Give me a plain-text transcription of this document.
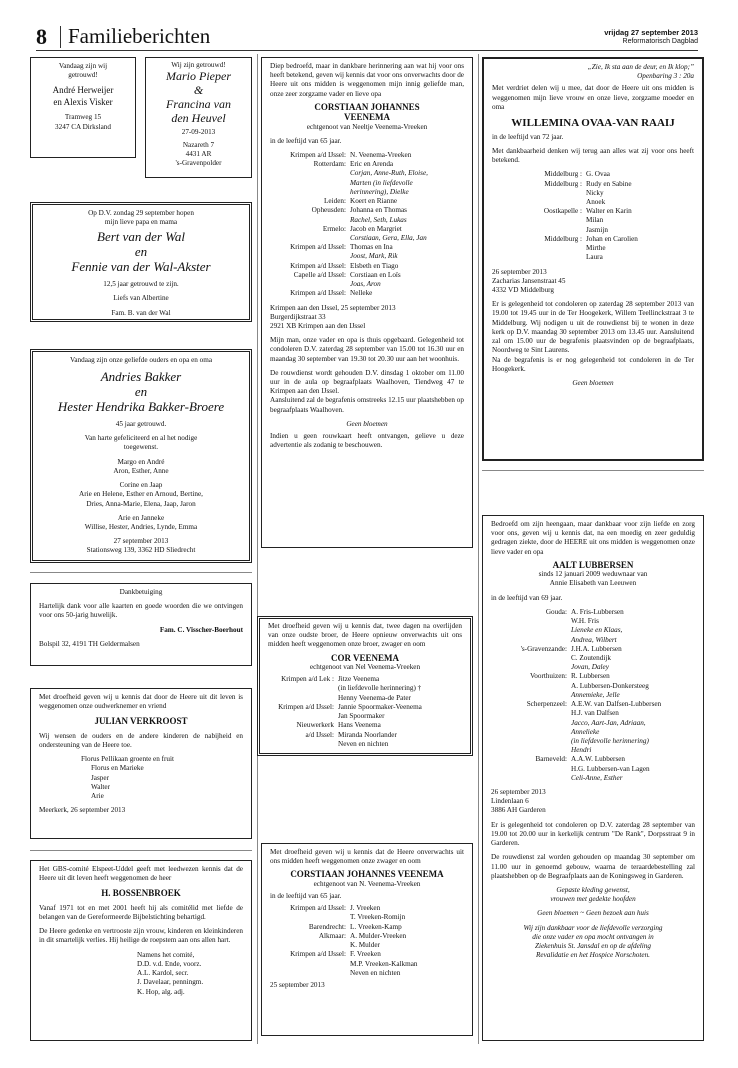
8 Familieberichten	vrijdag 27 september 2013
Reformatorisch Dagblad

Vandaag zijn wij

getrouwd!

André Herweijer

en Alexis Visker

Tramweg 15

3247 CA Dirksland

Wij zijn getrouwd!

Mario Pieper

&

Francina van

den Heuvel

27-09-2013

Nazareth 7

4431 AR

's-Gravenpolder

Op D.V. zondag 29 september hopen

mijn lieve papa en mama

Bert van der Wal

en

Fennie van der Wal-Akster

12,5 jaar getrouwd te zijn.

Liefs van Albertine

Fam. B. van der Wal

Verlengde Kerkweg 15, 8085 BL Doornspijk

Vandaag zijn onze geliefde ouders en opa en oma

Andries Bakker

en

Hester Hendrika Bakker-Broere

45 jaar getrouwd.

Van harte gefeliciteerd en al het nodige

toegewenst.

Margo en André

Aron, Esther, Anne

Corine en Jaap

Arie en Helene, Esther en Arnoud, Bertine,

Dries, Anna-Marie, Elena, Jaap, Jaron

Arie en Janneke

Willise, Hester, Andries, Lynde, Emma

27 september 2013

Stationsweg 139, 3362 HD Sliedrecht

Dankbetuiging

Hartelijk dank voor alle kaarten en goede woorden die we ontvingen voor ons 50-jarig huwelijk.

Fam. C. Visscher-Boerhout

Bolspil 32, 4191 TH Geldermalsen

Met droefheid geven wij u kennis dat door de Heere uit dit leven is weggenomen onze oudwerknemer en vriend

JULIAN VERKROOST

Wij wensen de ouders en de andere kinderen de nabijheid en ondersteuning van de Heere toe.

Florus Pellikaan groente en fruit

Florus en Marieke

Jasper

Walter

Arie

Meerkerk, 26 september 2013

Het GBS-comité Elspeet-Uddel geeft met leedwezen kennis dat de Heere uit dit leven heeft weggenomen de heer

H. BOSSENBROEK

Vanaf 1971 tot en met 2001 heeft hij als comitélid met liefde de belangen van de Gereformeerde Bijbelstichting behartigd.

De Heere gedenke en vertrooste zijn vrouw, kinderen en kleinkinderen in dit smartelijk verlies. Hij heilige de roepstem aan ons allen hart.

Namens het comité,

D.D. v.d. Ende, voorz.

A.L. Kardol, secr.

J. Davelaar, penningm.

K. Hop, alg. adj.

Diep bedroefd, maar in dankbare herinnering aan wat hij voor ons heeft betekend, geven wij kennis dat voor ons onverwachts door de Heere uit ons midden is weggenomen mijn innig geliefde man, onze zeer zorgzame vader en lieve opa

CORSTIAAN JOHANNES

VEENEMA

echtgenoot van Neeltje Veenema-Vreeken

in de leeftijd van 65 jaar.

Krimpen a/d IJssel: N. Veenema-Vreeken
Rotterdam: Eric en Arenda
Corjan, Anne-Ruth, Eloise,
Marten (in liefdevolle
herinnering), Dielke
Leiden: Koert en Rianne
Opheusden: Johanna en Thomas
Rachel, Seth, Lukas
Ermelo: Jacob en Margriet
Corstiaan, Gera, Ella, Jan
Krimpen a/d IJssel: Thomas en Ina
Joost, Mark, Rik
Krimpen a/d IJssel: Elsbeth en Tiago
Capelle a/d IJssel: Corstiaan en Loïs
Joas, Aron
Krimpen a/d IJssel: Nelleke

Krimpen aan den IJssel, 25 september 2013

Burgerdijkstraat 33

2921 XB Krimpen aan den IJssel

Mijn man, onze vader en opa is thuis opgebaard. Gelegenheid tot condoleren D.V. zaterdag 28 september van 15.00 tot 16.30 uur en maandag 30 september van 19.30 tot 20.30 uur aan het woonhuis.

De rouwdienst wordt gehouden D.V. dinsdag 1 oktober om 11.00 uur in de aula op begraafplaats Waalhoven, Tiendweg 47 te Krimpen aan den IJssel.

Aansluitend zal de begrafenis omstreeks 12.15 uur plaatshebben op begraafplaats Waalhoven.

Geen bloemen

Indien u geen rouwkaart heeft ontvangen, gelieve u deze advertentie als zodanig te beschouwen.

Met droefheid geven wij u kennis dat, twee dagen na overlijden van onze oudste broer, de Heere opnieuw onverwachts uit ons midden heeft weggenomen onze broer, zwager en oom

COR VEENEMA

echtgenoot van Nel Veenema-Vreeken

Krimpen a/d Lek : Jitze Veenema
(in liefdevolle herinnering) †
Henny Veenema-de Pater
Krimpen a/d IJssel: Jannie Spoormaker-Veenema
Jan Spoormaker
Nieuwerkerk
a/d IJssel:
Hans Veenema
Miranda Noorlander
Neven en nichten

Met droefheid geven wij u kennis dat de Heere onverwachts uit ons midden heeft weggenomen onze zwager en oom

CORSTIAAN JOHANNES VEENEMA

echtgenoot van N. Veenema-Vreeken

in de leeftijd van 65 jaar.

Krimpen a/d IJssel: J. Vreeken
T. Vreeken-Romijn
Barendrecht: L. Vreeken-Kamp
Alkmaar: A. Mulder-Vreeken
K. Mulder
Krimpen a/d IJssel: F. Vreeken
M.P. Vreeken-Kalkman
Neven en nichten

25 september 2013

„Zie, Ik sta aan de deur, en Ik klop;”

Openbaring 3 : 20a

Met verdriet delen wij u mee, dat door de Heere uit ons midden is weggenomen mijn lieve vrouw en onze lieve, zorgzame moeder en oma

WILLEMINA OVAA-VAN RAAIJ

in de leeftijd van 72 jaar.

Met dankbaarheid denken wij terug aan alles wat zij voor ons heeft betekend.

Middelburg : G. Ovaa
Middelburg : Rudy en Sabine
Nicky
Anoek
Oostkapelle : Walter en Karin
Milan
Jasmijn
Middelburg : Johan en Carolien
Mirthe
Laura

26 september 2013

Zacharias Jansenstraat 45

4332 VD Middelburg

Er is gelegenheid tot condoleren op zaterdag 28 september 2013 van 19.00 tot 19.45 uur in de Ter Hoogekerk, Willem Teellinckstraat 3 te Middelburg. Wij nodigen u uit de rouwdienst bij te wonen in deze kerk op D.V. maandag 30 september 2013 om 13.45 uur. Aansluitend zal om 15.00 uur de begrafenis plaatsvinden op de begraafplaats, Noordweg te Sint Laurens.

Na de begrafenis is er nog gelegenheid tot condoleren in de Ter Hoogekerk.

Geen bloemen

Bedroefd om zijn heengaan, maar dankbaar voor zijn liefde en zorg voor ons, geven wij u kennis dat, na een moedig en zeer geduldig gedragen ziekte, door de HEERE uit ons midden is weggenomen onze lieve vader en opa

AALT LUBBERSEN

sinds 12 januari 2009 weduwnaar van

Annie Elisabeth van Leeuwen

in de leeftijd van 69 jaar.

Gouda: A. Fris-Lubbersen
W.H. Fris
Lieneke en Klaas,
Andrea, Wilbert
's-Gravenzande: J.H.A. Lubbersen
C. Zoutendijk
Jovan, Daley
Voorthuizen: R. Lubbersen
A. Lubbersen-Donkersteeg
Annemieke, Jelle
Scherpenzeel: A.E.W. van Dalfsen-Lubbersen
H.J. van Dalfsen
Jacco, Aart-Jan, Adriaan,
Annelieke
(in liefdevolle herinnering)
Hendri
Barneveld: A.A.W. Lubbersen
H.G. Lubbersen-van Lagen
Celi-Anne, Esther

26 september 2013

Lindenlaan 6

3886 AH Garderen

Er is gelegenheid tot condoleren op D.V. zaterdag 28 september van 19.00 tot 20.00 uur in kerkelijk centrum "De Rank", Dorpsstraat 9 in Garderen.

De rouwdienst zal worden gehouden op maandag 30 september om 11.00 uur in genoemd gebouw, waarna de teraardebestelling zal plaatshebben op de Begraafplaats aan de Koningsweg in Garderen.

Gepaste kleding gewenst,

vrouwen met gedekte hoofden

Geen bloemen ~ Geen bezoek aan huis

Wij zijn dankbaar voor de liefdevolle verzorging

die onze vader en opa mocht ontvangen in

Ziekenhuis St. Jansdal en op de afdeling

Revalidatie en het Hospice Norschoten.
